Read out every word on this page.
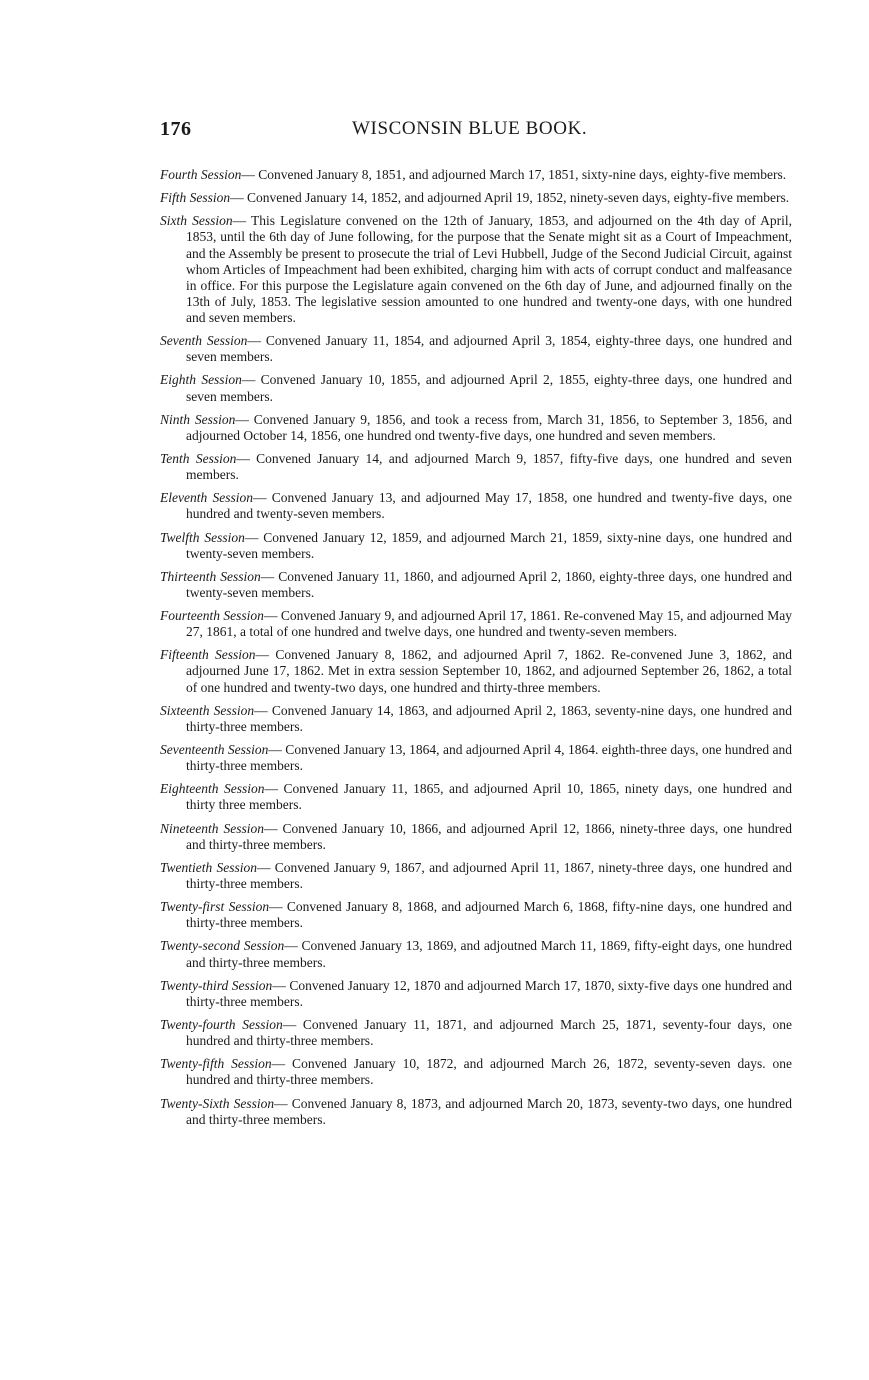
176	WISCONSIN BLUE BOOK.

Fourth Session— Convened January 8, 1851, and adjourned March 17, 1851, sixty-nine days, eighty-five members.

Fifth Session— Convened January 14, 1852, and adjourned April 19, 1852, ninety-seven days, eighty-five members.

Sixth Session— This Legislature convened on the 12th of January, 1853, and adjourned on the 4th day of April, 1853, until the 6th day of June following, for the purpose that the Senate might sit as a Court of Impeachment, and the Assembly be present to prosecute the trial of Levi Hubbell, Judge of the Second Judicial Circuit, against whom Articles of Impeachment had been exhibited, charging him with acts of corrupt conduct and malfeasance in office. For this purpose the Legislature again convened on the 6th day of June, and adjourned finally on the 13th of July, 1853. The legislative session amounted to one hundred and twenty-one days, with one hundred and seven members.

Seventh Session— Convened January 11, 1854, and adjourned April 3, 1854, eighty-three days, one hundred and seven members.

Eighth Session— Convened January 10, 1855, and adjourned April 2, 1855, eighty-three days, one hundred and seven members.

Ninth Session— Convened January 9, 1856, and took a recess from, March 31, 1856, to September 3, 1856, and adjourned October 14, 1856, one hundred ond twenty-five days, one hundred and seven members.

Tenth Session— Convened January 14, and adjourned March 9, 1857, fifty-five days, one hundred and seven members.

Eleventh Session— Convened January 13, and adjourned May 17, 1858, one hundred and twenty-five days, one hundred and twenty-seven members.

Twelfth Session— Convened January 12, 1859, and adjourned March 21, 1859, sixty-nine days, one hundred and twenty-seven members.

Thirteenth Session— Convened January 11, 1860, and adjourned April 2, 1860, eighty-three days, one hundred and twenty-seven members.

Fourteenth Session— Convened January 9, and adjourned April 17, 1861. Re-convened May 15, and adjourned May 27, 1861, a total of one hundred and twelve days, one hundred and twenty-seven members.

Fifteenth Session— Convened January 8, 1862, and adjourned April 7, 1862. Re-convened June 3, 1862, and adjourned June 17, 1862. Met in extra session September 10, 1862, and adjourned September 26, 1862, a total of one hundred and twenty-two days, one hundred and thirty-three members.

Sixteenth Session— Convened January 14, 1863, and adjourned April 2, 1863, seventy-nine days, one hundred and thirty-three members.

Seventeenth Session— Convened January 13, 1864, and adjourned April 4, 1864. eighth-three days, one hundred and thirty-three members.

Eighteenth Session— Convened January 11, 1865, and adjourned April 10, 1865, ninety days, one hundred and thirty three members.

Nineteenth Session— Convened January 10, 1866, and adjourned April 12, 1866, ninety-three days, one hundred and thirty-three members.

Twentieth Session— Convened January 9, 1867, and adjourned April 11, 1867, ninety-three days, one hundred and thirty-three members.

Twenty-first Session— Convened January 8, 1868, and adjourned March 6, 1868, fifty-nine days, one hundred and thirty-three members.

Twenty-second Session— Convened January 13, 1869, and adjoutned March 11, 1869, fifty-eight days, one hundred and thirty-three members.

Twenty-third Session— Convened January 12, 1870 and adjourned March 17, 1870, sixty-five days one hundred and thirty-three members.

Twenty-fourth Session— Convened January 11, 1871, and adjourned March 25, 1871, seventy-four days, one hundred and thirty-three members.

Twenty-fifth Session— Convened January 10, 1872, and adjourned March 26, 1872, seventy-seven days. one hundred and thirty-three members.

Twenty-Sixth Session— Convened January 8, 1873, and adjourned March 20, 1873, seventy-two days, one hundred and thirty-three members.
